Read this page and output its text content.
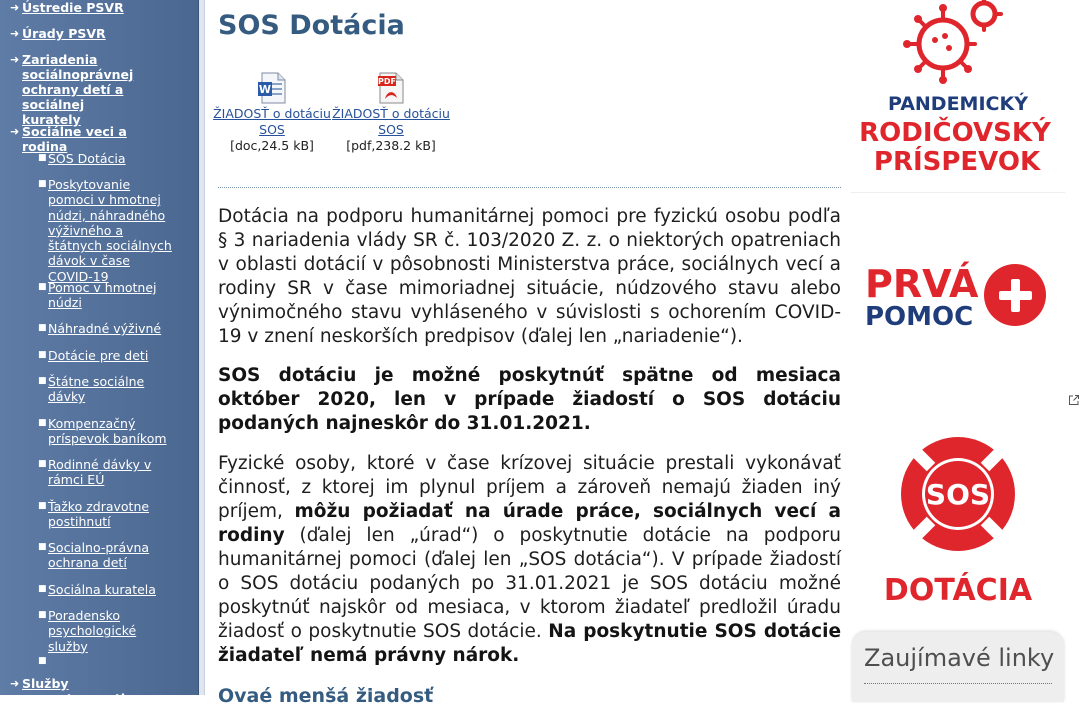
➜ Ústredie PSVR
➜ Úrady PSVR
➜ Zariadenia sociálnoprávnej ochrany detí a sociálnej kurately
➜ Sociálne veci a rodina
■ SOS Dotácia
■ Poskytovanie pomoci v hmotnej núdzi, náhradného výživného a štátnych sociálnych dávok v čase COVID-19
■ Pomoc v hmotnej núdzi
■ Náhradné výživné
■ Dotácie pre deti
■ Štátne sociálne dávky
■ Kompenzačný príspevok baníkom
■ Rodinné dávky v rámci EÚ
■ Ťažko zdravotne postihnutí
■ Socialno-právna ochrana detí
■ Sociálna kuratela
■ Poradensko psychologické služby
■
➜ Služby zamestnanosti
SOS Dotácia
W
ŽIADOSŤ o dotáciu SOS
[doc,24.5 kB]
PDF
ŽIADOSŤ o dotáciu SOS
[pdf,238.2 kB]

Dotácia na podporu humanitárnej pomoci pre fyzickú osobu podľa § 3 nariadenia vlády SR č. 103/2020 Z. z. o niektorých opatreniach v oblasti dotácií v pôsobnosti Ministerstva práce, sociálnych vecí a rodiny SR v čase mimoriadnej situácie, núdzového stavu alebo výnimočného stavu vyhláseného v súvislosti s ochorením COVID-19 v znení neskorších predpisov (ďalej len „nariadenie“).

SOS dotáciu je možné poskytnúť spätne od mesiaca október 2020, len v prípade žiadostí o SOS dotáciu podaných najneskôr do 31.01.2021.

Fyzické osoby, ktoré v čase krízovej situácie prestali vykonávať činnosť, z ktorej im plynul príjem a zároveň nemajú žiaden iný príjem, môžu požiadať na úrade práce, sociálnych vecí a rodiny (ďalej len „úrad“) o poskytnutie dotácie na podporu humanitárnej pomoci (ďalej len „SOS dotácia“). V prípade žiadostí o SOS dotáciu podaných po 31.01.2021 je SOS dotáciu možné poskytnúť najskôr od mesiaca, v ktorom žiadateľ predložil úradu žiadosť o poskytnutie SOS dotácie. Na poskytnutie SOS dotácie žiadateľ nemá právny nárok.

Ovaé menšá žiadosť
PANDEMICKÝ
RODIČOVSKÝ
PRÍSPEVOK
PRVÁ
POMOC
SOS
DOTÁCIA
Zaujímavé linky
